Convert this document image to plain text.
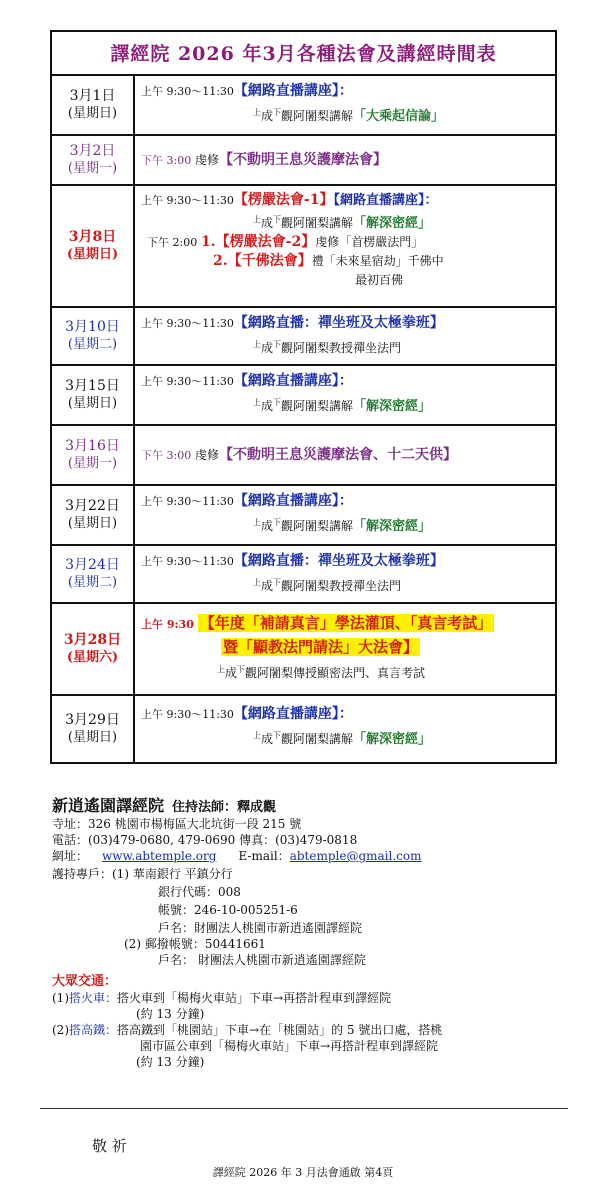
譯經院 2026 年3月各種法會及講經時間表
3月1日
(星期日)
上午 9:30～11:30【網路直播講座】：
$^上$成$^下$觀阿闍梨講解「大乘起信論」
3月2日
(星期一)
下午 3:00 虔修【不動明王息災護摩法會】
3月8日
(星期日)
上午 9:30～11:30【楞嚴法會-1】【網路直播講座】：
$^上$成$^下$觀阿闍梨講解「解深密經」
下午 2:00 1.【楞嚴法會-2】虔修「首楞嚴法門」
2.【千佛法會】禮「未來星宿劫」千佛中
最初百佛
3月10日
(星期二)
上午 9:30～11:30【網路直播：禪坐班及太極拳班】
$^上$成$^下$觀阿闍梨教授禪坐法門
3月15日
(星期日)
上午 9:30～11:30【網路直播講座】：
$^上$成$^下$觀阿闍梨講解「解深密經」
3月16日
(星期一)
下午 3:00 虔修【不動明王息災護摩法會、十二天供】
3月22日
(星期日)
上午 9:30～11:30【網路直播講座】：
$^上$成$^下$觀阿闍梨講解「解深密經」
3月24日
(星期二)
上午 9:30～11:30【網路直播：禪坐班及太極拳班】
$^上$成$^下$觀阿闍梨教授禪坐法門
3月28日
(星期六)
上午 9:30 【年度「補請真言」學法灌頂、「真言考試」
暨「顯教法門請法」大法會】
$^上$成$^下$觀阿闍梨傳授顯密法門、真言考試
3月29日
(星期日)
上午 9:30～11:30【網路直播講座】：
$^上$成$^下$觀阿闍梨講解「解深密經」
新逍遙園譯經院 住持法師：釋成觀
寺址：326 桃園市楊梅區大北坑街一段 215 號
電話：(03)479-0680, 479-0690 傳真：(03)479-0818
網址： www.abtemple.org E-mail：abtemple@gmail.com
護持專戶：(1) 華南銀行 平鎮分行
銀行代碼：008
帳號：246-10-005251-6
戶名：財團法人桃園市新逍遙園譯經院
(2) 郵撥帳號：50441661
戶名： 財團法人桃園市新逍遙園譯經院
大眾交通：
(1) 搭火車： 搭火車到「楊梅火車站」下車→再搭計程車到譯經院
(約 13 分鐘)
(2) 搭高鐵： 搭高鐵到「桃園站」下車→在「桃園站」的 5 號出口處，搭桃
園市區公車到「楊梅火車站」下車→再搭計程車到譯經院
(約 13 分鐘)
敬 祈
譯經院 2026 年 3 月法會通啟 第4頁
